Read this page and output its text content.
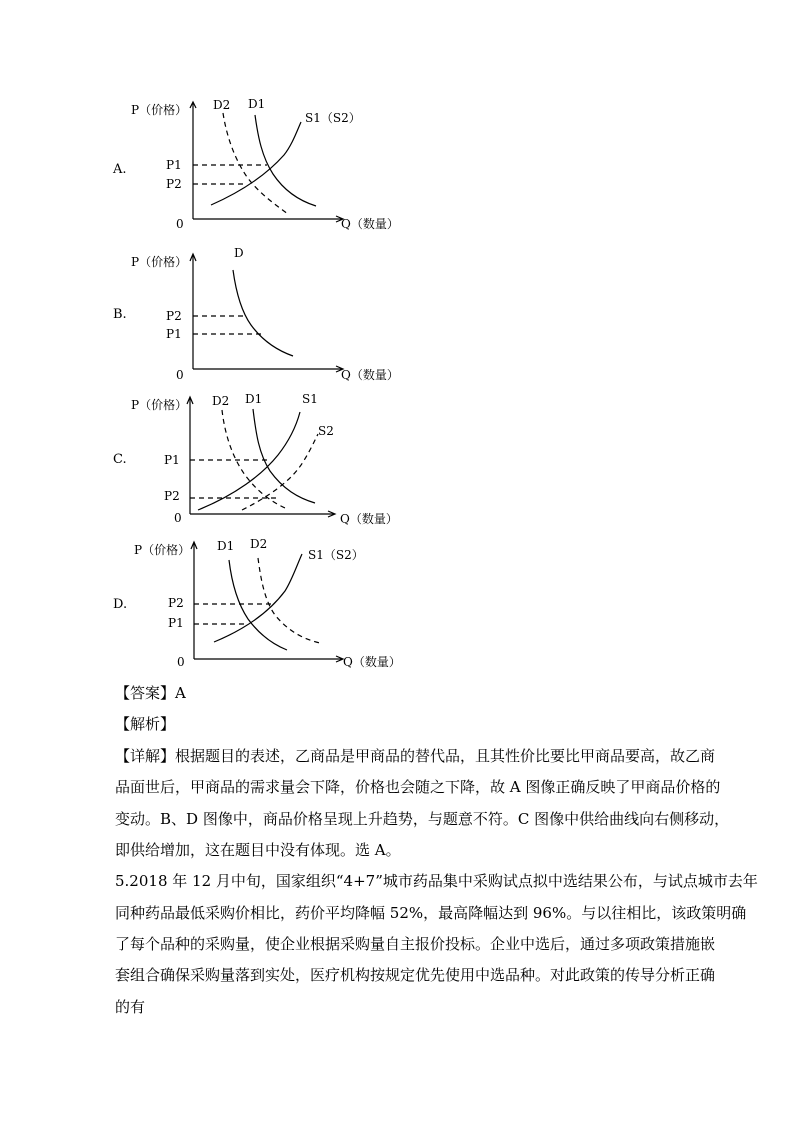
A.
P（价格）
Q（数量）
0
D2 D1
S1（S2）
P1
P2
B.
P（价格）
Q（数量）
0
D
P2
P1
C.
P（价格）
Q（数量）
0
D2 D1	S1
S2
P1
P2
D.
P（价格）
Q（数量）
0
D1 D2
S1（S2）
P2
P1
【答案】A
【解析】
【详解】根据题目的表述，乙商品是甲商品的替代品，且其性价比要比甲商品要高，故乙商
品面世后，甲商品的需求量会下降，价格也会随之下降，故 A 图像正确反映了甲商品价格的
变动。B、D 图像中，商品价格呈现上升趋势，与题意不符。C 图像中供给曲线向右侧移动，
即供给增加，这在题目中没有体现。选 A。
5.2018 年 12 月中旬，国家组织“4+7”城市药品集中采购试点拟中选结果公布，与试点城市去年
同种药品最低采购价相比，药价平均降幅 52%，最高降幅达到 96%。与以往相比，该政策明确
了每个品种的采购量，使企业根据采购量自主报价投标。企业中选后，通过多项政策措施嵌
套组合确保采购量落到实处，医疗机构按规定优先使用中选品种。对此政策的传导分析正确
的有
